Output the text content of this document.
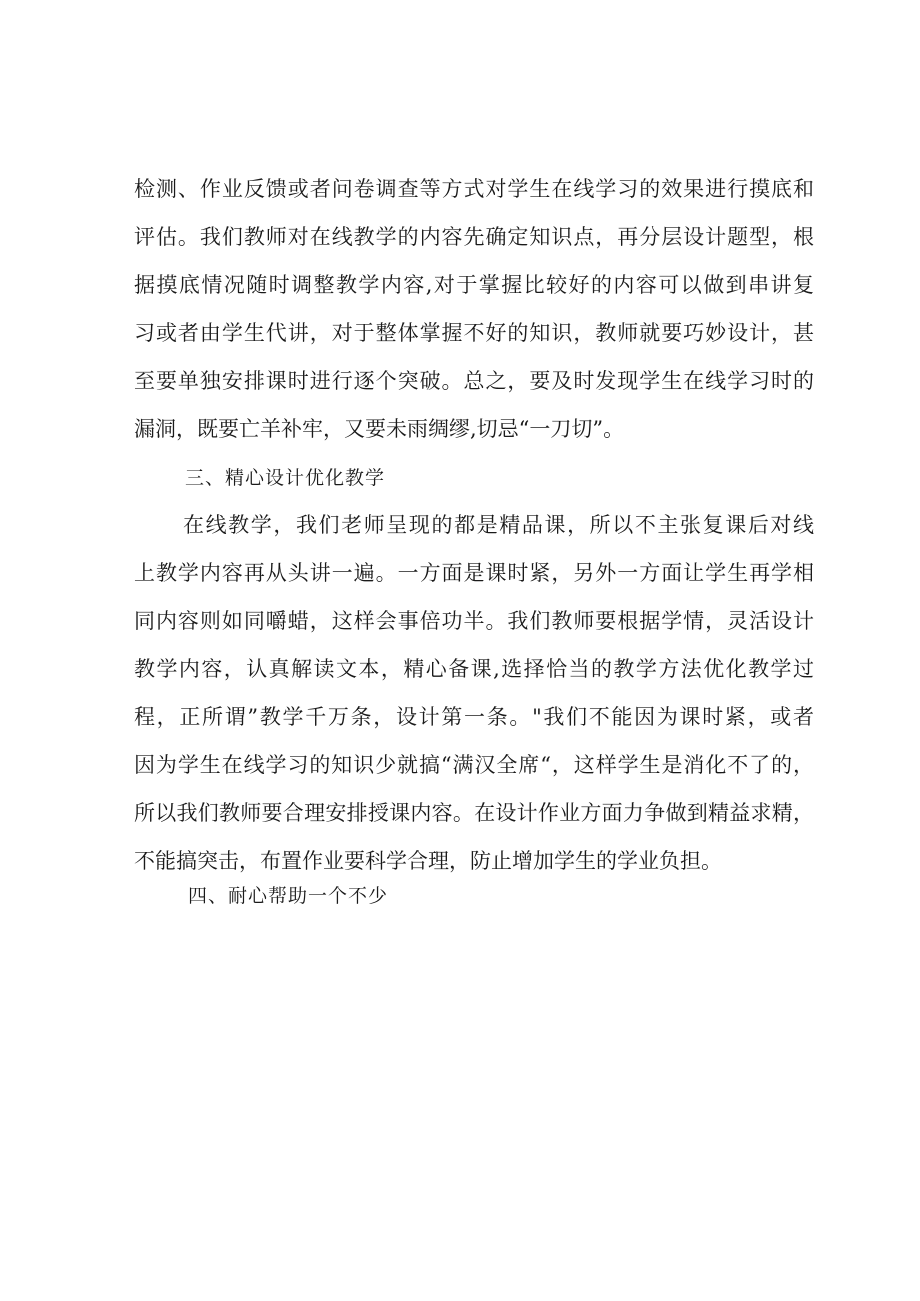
检测、作业反馈或者问卷调查等方式对学生在线学习的效果进行摸底和
评估。我们教师对在线教学的内容先确定知识点，再分层设计题型，根
据摸底情况随时调整教学内容,对于掌握比较好的内容可以做到串讲复
习或者由学生代讲，对于整体掌握不好的知识，教师就要巧妙设计，甚
至要单独安排课时进行逐个突破。总之，要及时发现学生在线学习时的
漏洞，既要亡羊补牢，又要未雨绸缪,切忌“一刀切”。
三、精心设计优化教学
在线教学，我们老师呈现的都是精品课，所以不主张复课后对线
上教学内容再从头讲一遍。一方面是课时紧，另外一方面让学生再学相
同内容则如同嚼蜡，这样会事倍功半。我们教师要根据学情，灵活设计
教学内容，认真解读文本，精心备课,选择恰当的教学方法优化教学过
程，正所谓”教学千万条，设计第一条。"我们不能因为课时紧，或者
因为学生在线学习的知识少就搞“满汉全席“，这样学生是消化不了的，
所以我们教师要合理安排授课内容。在设计作业方面力争做到精益求精，
不能搞突击，布置作业要科学合理，防止增加学生的学业负担。
四、耐心帮助一个不少
